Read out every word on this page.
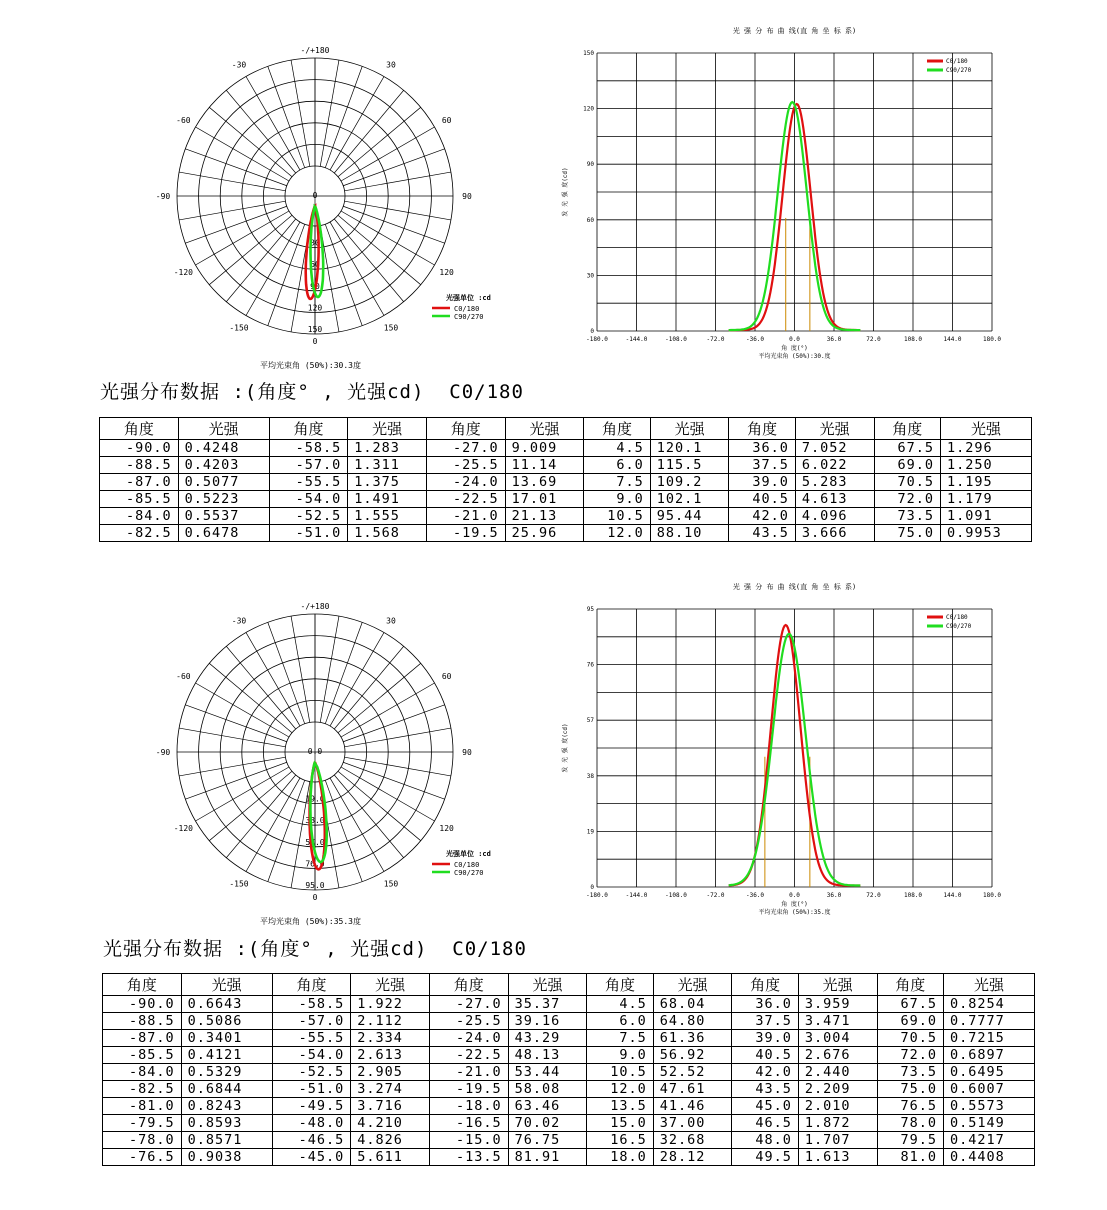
-150	150
-120	120
-90	90
-60	60
-30	30
-/+180
0
0
30
60
90
120
150
光强单位 :cd
C0/180
C90/270
平均光束角 (50%):30.3度
光 强 分 布 曲 线(直 角 坐 标 系)
-180.0	-144.0	-108.0	-72.0	-36.0	0.0	36.0	72.0	108.0	144.0	180.0
0
30
60
90
120
150
角 度(°)
平均光束角 (50%):30.度
发 光 强 度(cd)
C0/180
C90/270
光强分布数据 :(角度° , 光强cd)  C0/180
角度	光强	角度	光强	角度	光强	角度	光强	角度	光强	角度	光强
-90.0	0.4248	-58.5	1.283	-27.0	9.009	4.5	120.1	36.0	7.052	67.5	1.296
-88.5	0.4203	-57.0	1.311	-25.5	11.14	6.0	115.5	37.5	6.022	69.0	1.250
-87.0	0.5077	-55.5	1.375	-24.0	13.69	7.5	109.2	39.0	5.283	70.5	1.195
-85.5	0.5223	-54.0	1.491	-22.5	17.01	9.0	102.1	40.5	4.613	72.0	1.179
-84.0	0.5537	-52.5	1.555	-21.0	21.13	10.5	95.44	42.0	4.096	73.5	1.091
-82.5	0.6478	-51.0	1.568	-19.5	25.96	12.0	88.10	43.5	3.666	75.0	0.9953
-150	150
-120	120
-90	90
-60	60
-30	30
-/+180
0
0.0
19.0
38.0
57.0
76.0
95.0
光强单位 :cd
C0/180
C90/270
平均光束角 (50%):35.3度
光 强 分 布 曲 线(直 角 坐 标 系)
-180.0	-144.0	-108.0	-72.0	-36.0	0.0	36.0	72.0	108.0	144.0	180.0
0
19
38
57
76
95
角 度(°)
平均光束角 (50%):35.度
发 光 强 度(cd)
C0/180
C90/270
光强分布数据 :(角度° , 光强cd)  C0/180
角度	光强	角度	光强	角度	光强	角度	光强	角度	光强	角度	光强
-90.0	0.6643	-58.5	1.922	-27.0	35.37	4.5	68.04	36.0	3.959	67.5	0.8254
-88.5	0.5086	-57.0	2.112	-25.5	39.16	6.0	64.80	37.5	3.471	69.0	0.7777
-87.0	0.3401	-55.5	2.334	-24.0	43.29	7.5	61.36	39.0	3.004	70.5	0.7215
-85.5	0.4121	-54.0	2.613	-22.5	48.13	9.0	56.92	40.5	2.676	72.0	0.6897
-84.0	0.5329	-52.5	2.905	-21.0	53.44	10.5	52.52	42.0	2.440	73.5	0.6495
-82.5	0.6844	-51.0	3.274	-19.5	58.08	12.0	47.61	43.5	2.209	75.0	0.6007
-81.0	0.8243	-49.5	3.716	-18.0	63.46	13.5	41.46	45.0	2.010	76.5	0.5573
-79.5	0.8593	-48.0	4.210	-16.5	70.02	15.0	37.00	46.5	1.872	78.0	0.5149
-78.0	0.8571	-46.5	4.826	-15.0	76.75	16.5	32.68	48.0	1.707	79.5	0.4217
-76.5	0.9038	-45.0	5.611	-13.5	81.91	18.0	28.12	49.5	1.613	81.0	0.4408
